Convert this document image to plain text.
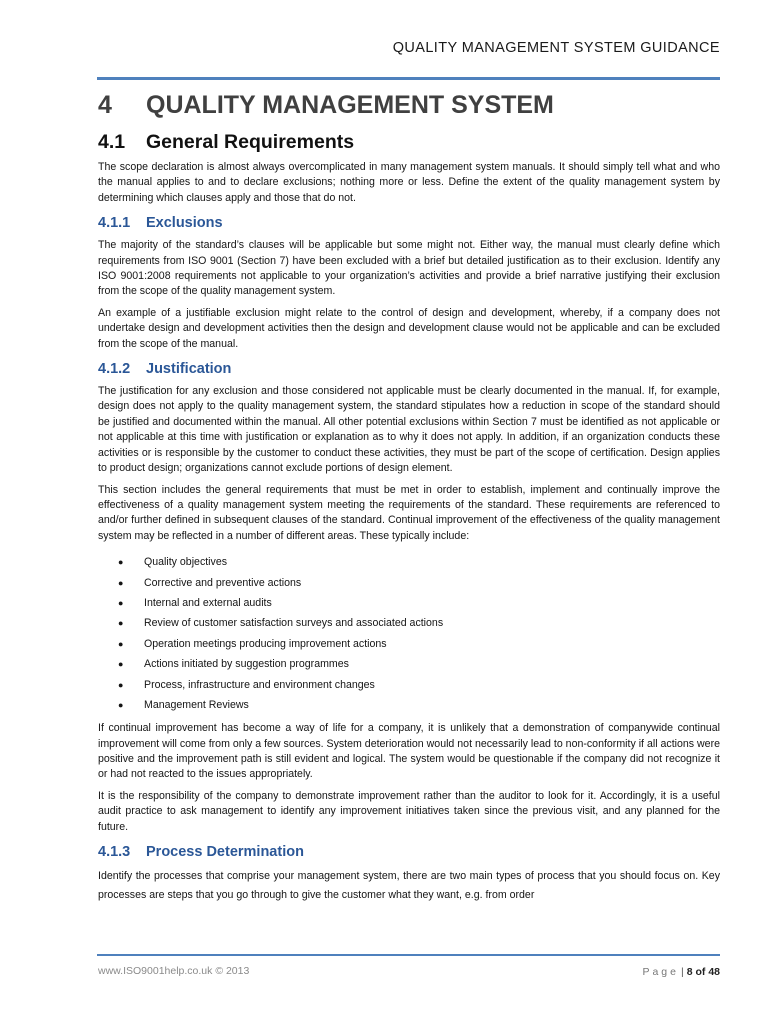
QUALITY MANAGEMENT SYSTEM GUIDANCE
4	QUALITY MANAGEMENT SYSTEM
4.1	General Requirements

The scope declaration is almost always overcomplicated in many management system manuals. It should simply tell what and who the manual applies to and to declare exclusions; nothing more or less. Define the extent of the quality management system by determining which clauses apply and those that do not.

4.1.1	Exclusions

The majority of the standard’s clauses will be applicable but some might not. Either way, the manual must clearly define which requirements from ISO 9001 (Section 7) have been excluded with a brief but detailed justification as to their exclusion. Identify any ISO 9001:2008 requirements not applicable to your organization’s activities and provide a brief narrative justifying their exclusion from the scope of the quality management system.

An example of a justifiable exclusion might relate to the control of design and development, whereby, if a company does not undertake design and development activities then the design and development clause would not be applicable and can be excluded from the scope of the manual.

4.1.2	Justification

The justification for any exclusion and those considered not applicable must be clearly documented in the manual. If, for example, design does not apply to the quality management system, the standard stipulates how a reduction in scope of the standard should be justified and documented within the manual. All other potential exclusions within Section 7 must be identified as not applicable or not applicable at this time with justification or explanation as to why it does not apply. In addition, if an organization conducts these activities or is responsible by the customer to conduct these activities, they must be part of the scope of certification. Design applies to product design; organizations cannot exclude portions of design element.

This section includes the general requirements that must be met in order to establish, implement and continually improve the effectiveness of a quality management system meeting the requirements of the standard. These requirements are referenced to and/or further defined in subsequent clauses of the standard. Continual improvement of the effectiveness of the quality management system may be reflected in a number of different areas. These typically include:

●	Quality objectives
●	Corrective and preventive actions
●	Internal and external audits
●	Review of customer satisfaction surveys and associated actions
●	Operation meetings producing improvement actions
●	Actions initiated by suggestion programmes
●	Process, infrastructure and environment changes
●	Management Reviews

If continual improvement has become a way of life for a company, it is unlikely that a demonstration of companywide continual improvement will come from only a few sources. System deterioration would not necessarily lead to non-conformity if all actions were positive and the improvement path is still evident and logical. The system would be questionable if the company did not recognize it or had not reacted to the issues appropriately.

It is the responsibility of the company to demonstrate improvement rather than the auditor to look for it. Accordingly, it is a useful audit practice to ask management to identify any improvement initiatives taken since the previous visit, and any planned for the future.

4.1.3	Process Determination

Identify the processes that comprise your management system, there are two main types of process that you should focus on. Key processes are steps that you go through to give the customer what they want, e.g. from order

www.ISO9001help.co.uk © 2013	Page | 8 of 48
